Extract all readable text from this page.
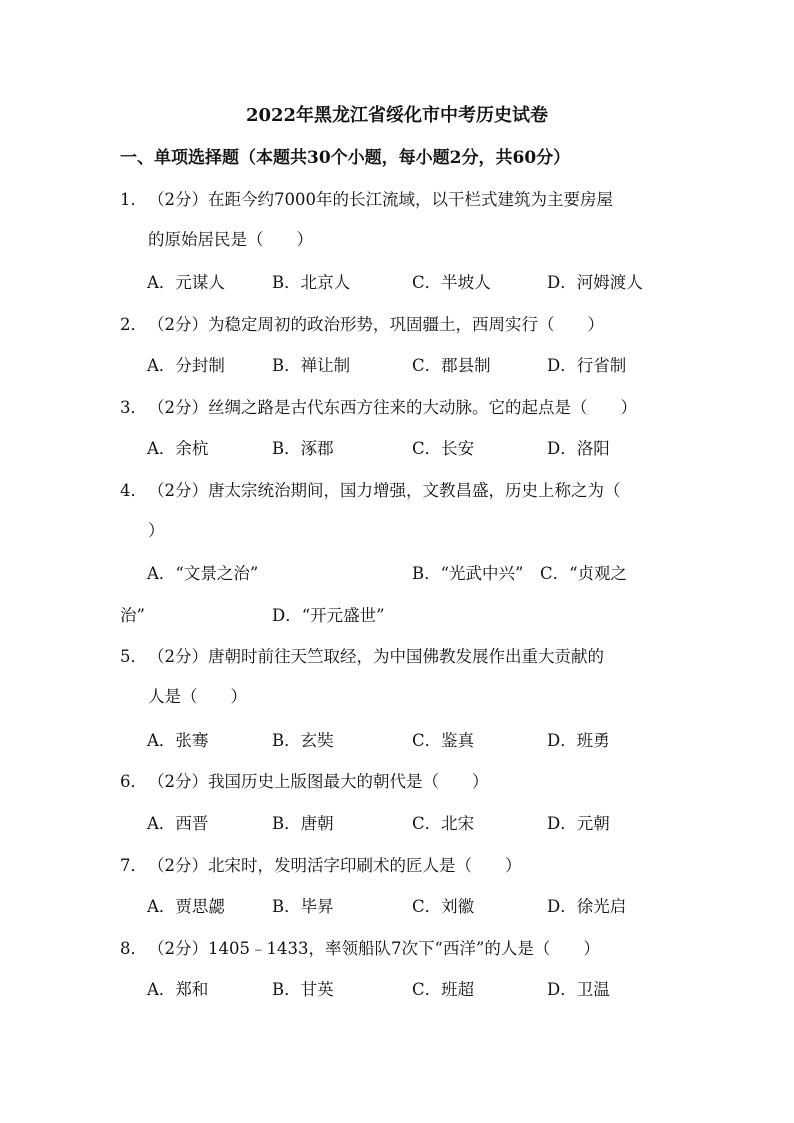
2022年黑龙江省绥化市中考历史试卷

一、单项选择题（本题共30个小题，每小题2分，共60分）

1．（2分）在距今约7000年的长江流域，以干栏式建筑为主要房屋
的原始居民是（　　）

A．元谋人	B．北京人	C．半坡人	D．河姆渡人

2．（2分）为稳定周初的政治形势，巩固疆土，西周实行（　　）

A．分封制	B．禅让制	C．郡县制	D．行省制

3．（2分）丝绸之路是古代东西方往来的大动脉。它的起点是（　　）

A．余杭	B．涿郡	C．长安	D．洛阳

4．（2分）唐太宗统治期间，国力增强，文教昌盛，历史上称之为（
）

A．“文景之治”	B．“光武中兴”　C．“贞观之
治”	D．“开元盛世”

5．（2分）唐朝时前往天竺取经，为中国佛教发展作出重大贡献的
人是（　　）

A．张骞	B．玄奘	C．鉴真	D．班勇

6．（2分）我国历史上版图最大的朝代是（　　）

A．西晋	B．唐朝	C．北宋	D．元朝

7．（2分）北宋时，发明活字印刷术的匠人是（　　）

A．贾思勰	B．毕昇	C．刘徽	D．徐光启

8．（2分）1405﹣1433，率领船队7次下“西洋”的人是（　　）

A．郑和	B．甘英	C．班超	D．卫温
